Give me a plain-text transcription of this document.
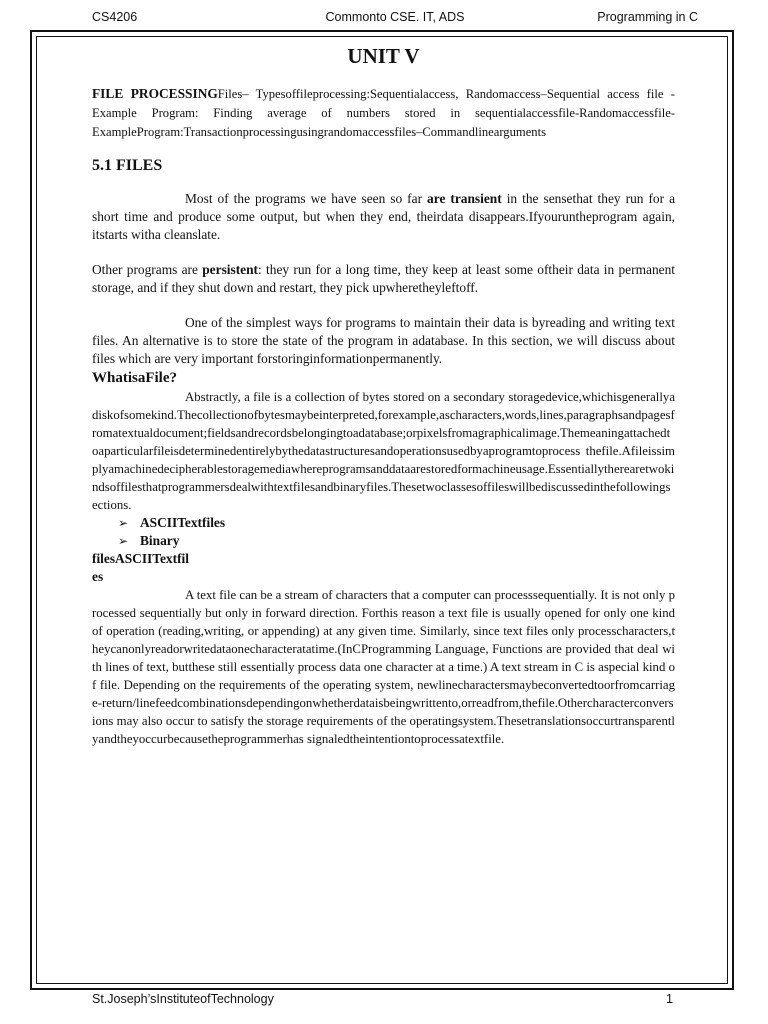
CS4206	Commonto CSE. IT, ADS	Programming in C
UNIT V

FILE PROCESSINGFiles– Typesoffileprocessing:Sequentialaccess, Randomaccess–Sequential access file - Example Program: Finding average of numbers stored in sequentialaccessfile-Randomaccessfile-ExampleProgram:Transactionprocessingusingrandomaccessfiles–Commandlinearguments

5.1 FILES

Most of the programs we have seen so far are transient in the sensethat they run for a short time and produce some output, but when they end, theirdata disappears.Ifyouruntheprogram again, itstarts witha cleanslate.

Other programs are persistent: they run for a long time, they keep at least some oftheir data in permanent storage, and if they shut down and restart, they pick upwheretheyleftoff.

One of the simplest ways for programs to maintain their data is byreading and writing text files. An alternative is to store the state of the program in adatabase. In this section, we will discuss about files which are very important forstoringinformationpermanently.

WhatisaFile?

Abstractly, a file is a collection of bytes stored on a secondary storagedevice,whichisgenerallyadiskofsomekind.Thecollectionofbytesmaybeinterpreted,forexample,ascharacters,words,lines,paragraphsandpagesfromatextualdocument;fieldsandrecordsbelongingtoadatabase;orpixelsfromagraphicalimage.Themeaningattachedtoaparticularfileisdeterminedentirelybythedatastructuresandoperationsusedbyaprogramtoprocess thefile.Afileissimplyamachinedecipherablestoragemediawhereprogramsanddataarestoredformachineusage.Essentiallytherearetwokindsoffilesthatprogrammersdealwithtextfilesandbinaryfiles.Thesetwoclassesoffileswillbediscussedinthefollowingsections.

➢ ASCIITextfiles
➢ Binary
filesASCIITextfil
es

A text file can be a stream of characters that a computer can processsequentially. It is not only processed sequentially but only in forward direction. Forthis reason a text file is usually opened for only one kind of operation (reading,writing, or appending) at any given time. Similarly, since text files only processcharacters,theycanonlyreadorwritedataonecharacteratatime.(InCProgramming Language, Functions are provided that deal with lines of text, butthese still essentially process data one character at a time.) A text stream in C is aspecial kind of file. Depending on the requirements of the operating system, newlinecharactersmaybeconvertedtoorfromcarriage-return/linefeedcombinationsdependingonwhetherdataisbeingwrittento,orreadfrom,thefile.Othercharacterconversions may also occur to satisfy the storage requirements of the operatingsystem.Thesetranslationsoccurtransparentlyandtheyoccurbecausetheprogrammerhas signaledtheintentiontoprocessatextfile.

St.Joseph’sInstituteofTechnology	1
